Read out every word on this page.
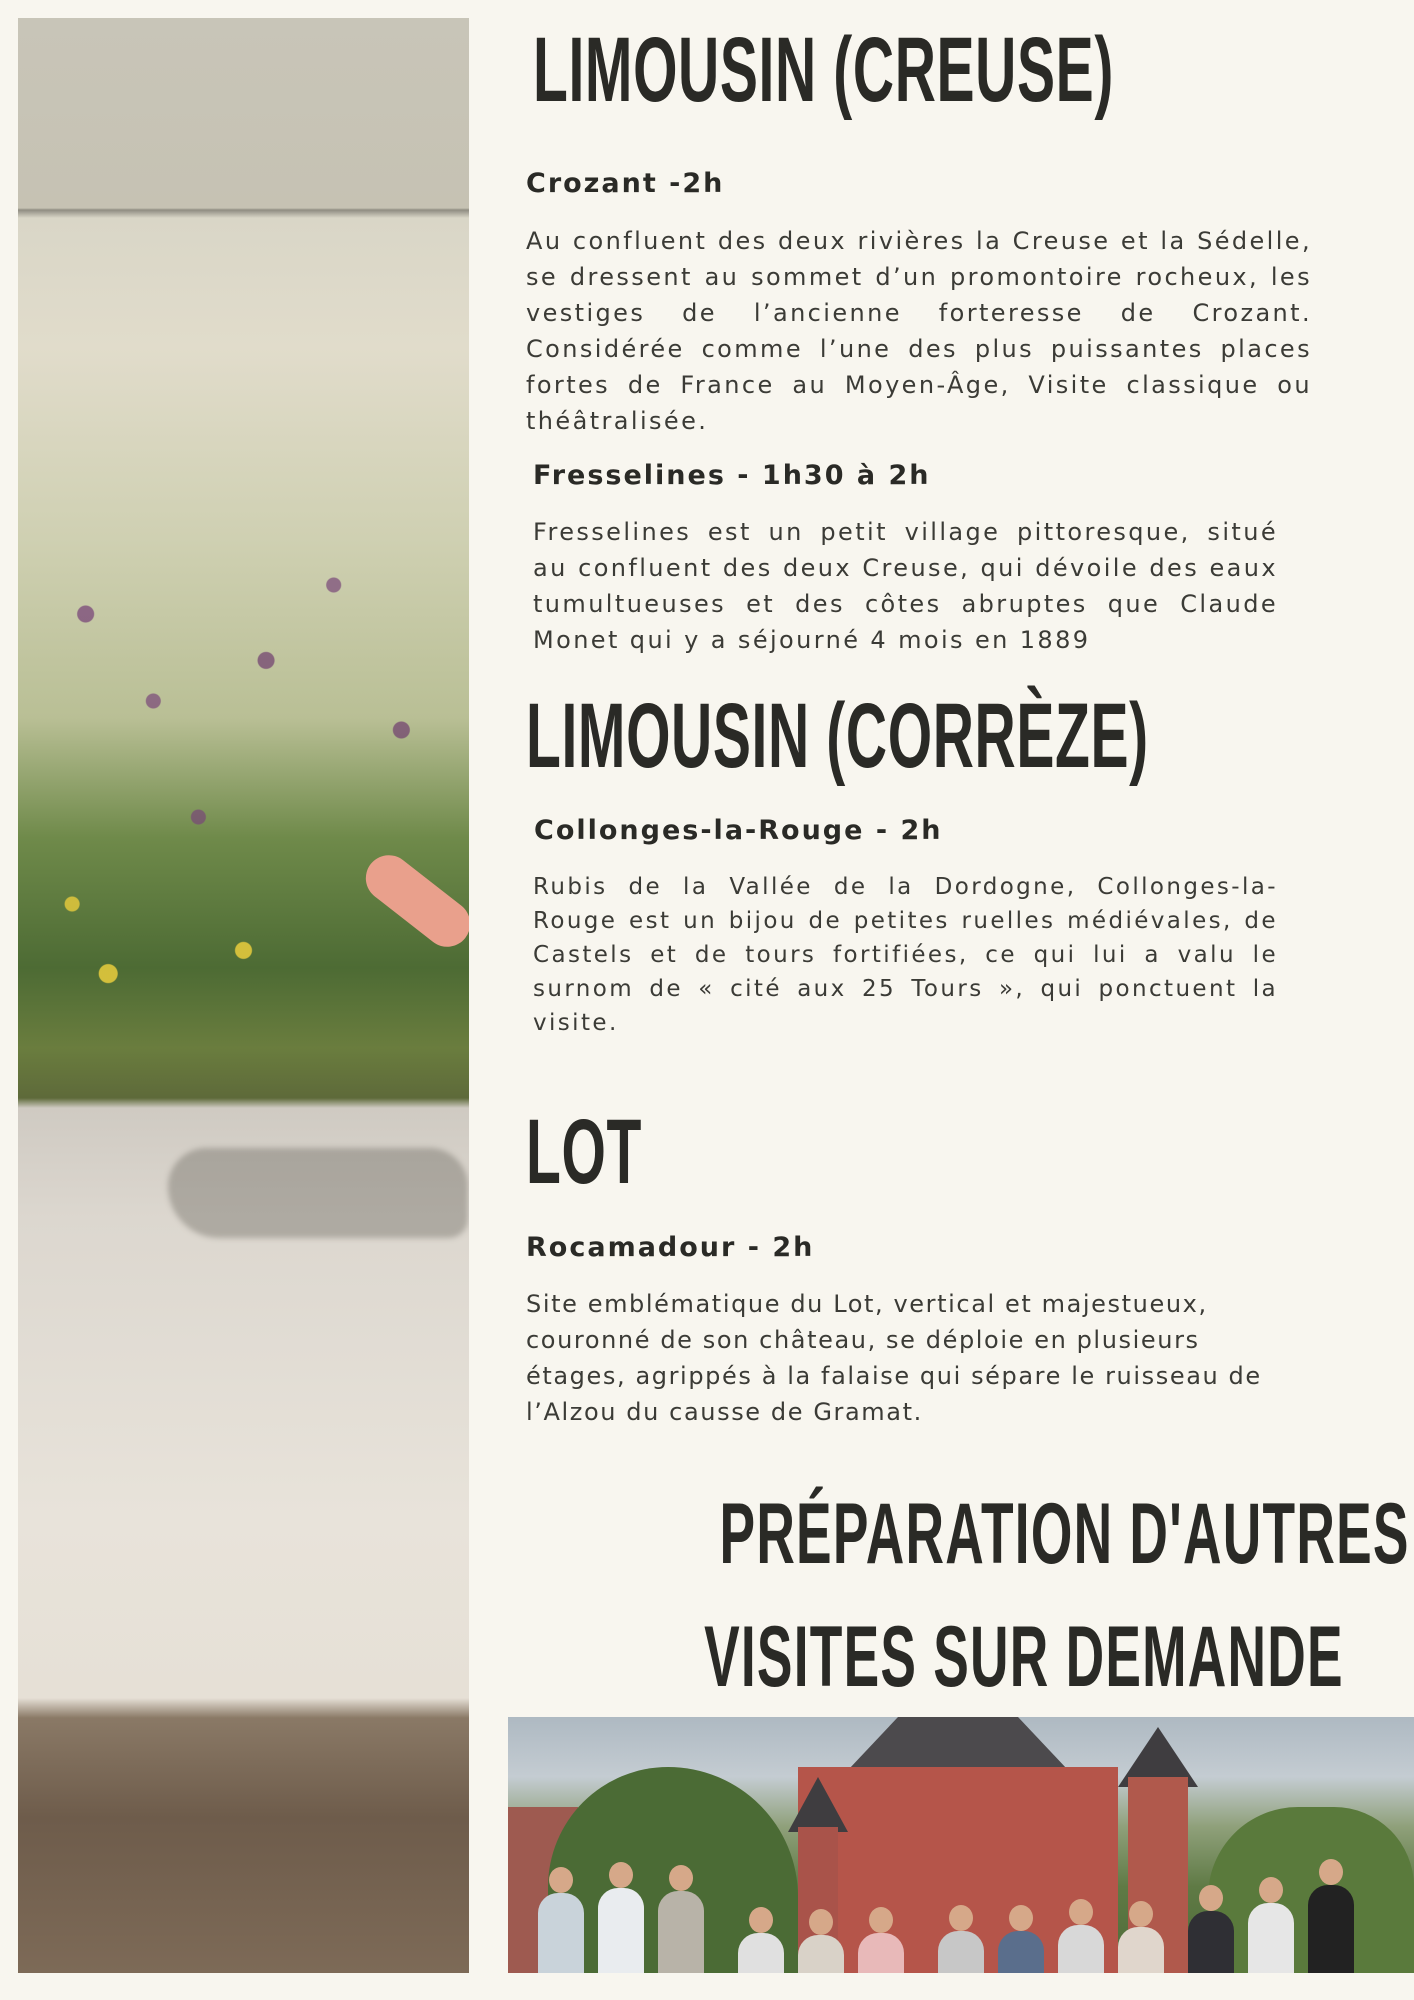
LIMOUSIN (CREUSE)
Crozant -2h

Au confluent des deux rivières la Creuse et la Sédelle, se dressent au sommet d’un promontoire rocheux, les vestiges de l’ancienne forteresse de Crozant. Considérée comme l’une des plus puissantes places fortes de France au Moyen-Âge, Visite classique ou théâtralisée.

Fresselines - 1h30 à 2h

Fresselines est un petit village pittoresque, situé au confluent des deux Creuse, qui dévoile des eaux tumultueuses et des côtes abruptes que Claude Monet qui y a séjourné 4 mois en 1889

LIMOUSIN (CORRÈZE)
Collonges-la-Rouge - 2h

Rubis de la Vallée de la Dordogne, Collonges-la-Rouge est un bijou de petites ruelles médiévales, de Castels et de tours fortifiées, ce qui lui a valu le surnom de « cité aux 25 Tours », qui ponctuent la visite.

LOT
Rocamadour - 2h

Site emblématique du Lot, vertical et majestueux, couronné de son château, se déploie en plusieurs étages, agrippés à la falaise qui sépare le ruisseau de l’Alzou du causse de Gramat.

PRÉPARATION D'AUTRES
VISITES SUR DEMANDE
